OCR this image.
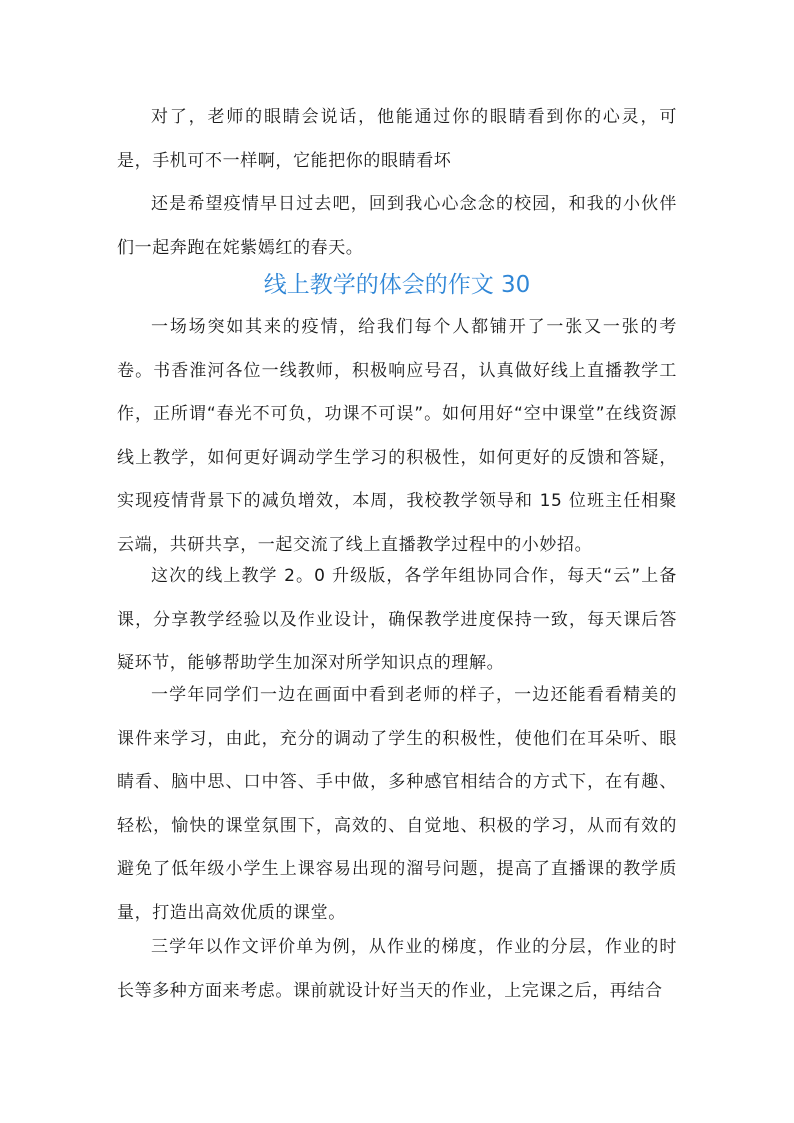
对了，老师的眼睛会说话，他能通过你的眼睛看到你的心灵，可是，手机可不一样啊，它能把你的眼睛看坏

还是希望疫情早日过去吧，回到我心心念念的校园，和我的小伙伴们一起奔跑在姹紫嫣红的春天。

线上教学的体会的作文 30

一场场突如其来的疫情，给我们每个人都铺开了一张又一张的考卷。书香淮河各位一线教师，积极响应号召，认真做好线上直播教学工作，正所谓“春光不可负，功课不可误”。如何用好“空中课堂”在线资源线上教学，如何更好调动学生学习的积极性，如何更好的反馈和答疑，实现疫情背景下的减负增效，本周，我校教学领导和 15 位班主任相聚云端，共研共享，一起交流了线上直播教学过程中的小妙招。

这次的线上教学 2。0 升级版，各学年组协同合作，每天“云”上备课，分享教学经验以及作业设计，确保教学进度保持一致，每天课后答疑环节，能够帮助学生加深对所学知识点的理解。

一学年同学们一边在画面中看到老师的样子，一边还能看看精美的课件来学习，由此，充分的调动了学生的积极性，使他们在耳朵听、眼睛看、脑中思、口中答、手中做，多种感官相结合的方式下，在有趣、轻松，愉快的课堂氛围下，高效的、自觉地、积极的学习，从而有效的避免了低年级小学生上课容易出现的溜号问题，提高了直播课的教学质量，打造出高效优质的课堂。

三学年以作文评价单为例，从作业的梯度，作业的分层，作业的时长等多种方面来考虑。课前就设计好当天的作业，上完课之后，再结合
